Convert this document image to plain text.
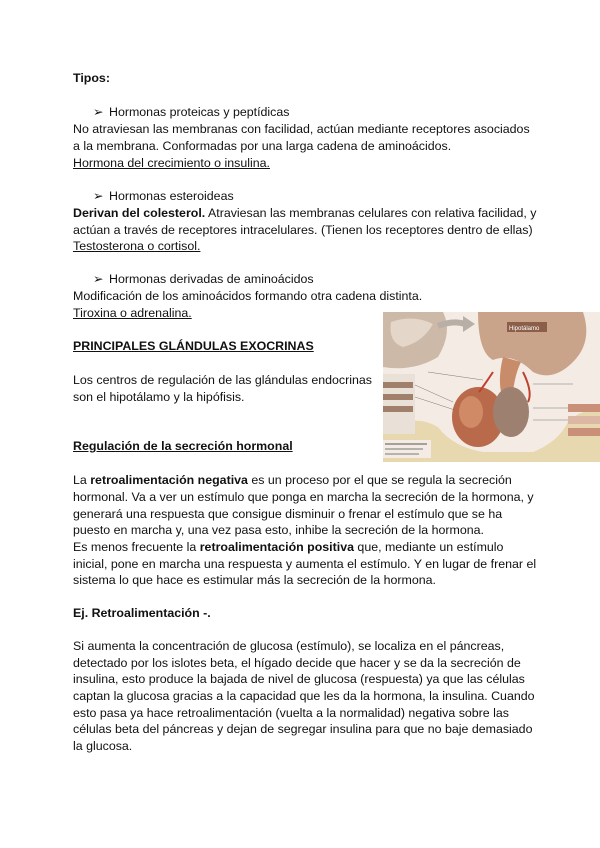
Tipos:
➢ Hormonas proteicas y peptídicas
No atraviesan las membranas con facilidad, actúan mediante receptores asociados
a la membrana. Conformadas por una larga cadena de aminoácidos.
Hormona del crecimiento o insulina.
➢ Hormonas esteroideas
Derivan del colesterol. Atraviesan las membranas celulares con relativa facilidad, y
actúan a través de receptores intracelulares. (Tienen los receptores dentro de ellas)
Testosterona o cortisol.
➢ Hormonas derivadas de aminoácidos
Modificación de los aminoácidos formando otra cadena distinta.
Tiroxina o adrenalina.
PRINCIPALES GLÁNDULAS EXOCRINAS
Los centros de regulación de las glándulas endocrinas
son el hipotálamo y la hipófisis.
Hipotálamo
Regulación de la secreción hormonal
La retroalimentación negativa es un proceso por el que se regula la secreción
hormonal. Va a ver un estímulo que ponga en marcha la secreción de la hormona, y
generará una respuesta que consigue disminuir o frenar el estímulo que se ha
puesto en marcha y, una vez pasa esto, inhibe la secreción de la hormona.
Es menos frecuente la retroalimentación positiva que, mediante un estímulo
inicial, pone en marcha una respuesta y aumenta el estímulo. Y en lugar de frenar el
sistema lo que hace es estimular más la secreción de la hormona.
Ej. Retroalimentación -.
Si aumenta la concentración de glucosa (estímulo), se localiza en el páncreas,
detectado por los islotes beta, el hígado decide que hacer y se da la secreción de
insulina, esto produce la bajada de nivel de glucosa (respuesta) ya que las células
captan la glucosa gracias a la capacidad que les da la hormona, la insulina. Cuando
esto pasa ya hace retroalimentación (vuelta a la normalidad) negativa sobre las
células beta del páncreas y dejan de segregar insulina para que no baje demasiado
la glucosa.
